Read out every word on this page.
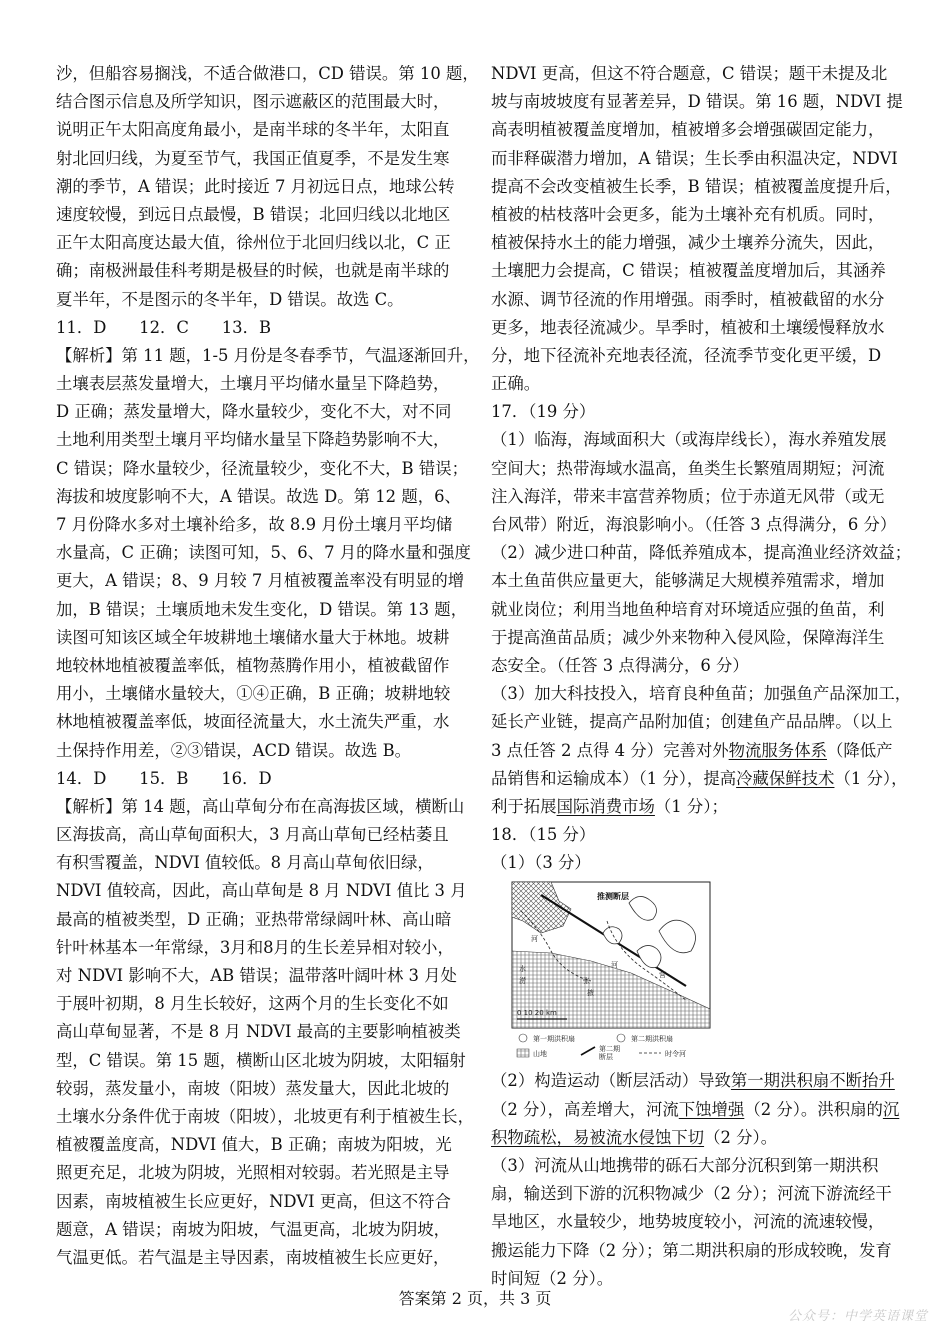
沙，但船容易搁浅，不适合做港口，CD 错误。第 10 题，
结合图示信息及所学知识，图示遮蔽区的范围最大时，
说明正午太阳高度角最小，是南半球的冬半年，太阳直
射北回归线，为夏至节气，我国正值夏季，不是发生寒
潮的季节，A 错误；此时接近 7 月初远日点，地球公转
速度较慢，到远日点最慢，B 错误；北回归线以北地区
正午太阳高度达最大值，徐州位于北回归线以北，C 正
确；南极洲最佳科考期是极昼的时候，也就是南半球的
夏半年，不是图示的冬半年，D 错误。故选 C。
11．D　　12．C　　13．B
【解析】第 11 题，1-5 月份是冬春季节，气温逐渐回升，
土壤表层蒸发量增大，土壤月平均储水量呈下降趋势，
D 正确；蒸发量增大，降水量较少，变化不大，对不同
土地利用类型土壤月平均储水量呈下降趋势影响不大，
C 错误；降水量较少，径流量较少，变化不大，B 错误；
海拔和坡度影响不大，A 错误。故选 D。第 12 题，6、
7 月份降水多对土壤补给多，故 8.9 月份土壤月平均储
水量高，C 正确；读图可知，5、6、7 月的降水量和强度
更大，A 错误；8、9 月较 7 月植被覆盖率没有明显的增
加，B 错误；土壤质地未发生变化，D 错误。第 13 题，
读图可知该区域全年坡耕地土壤储水量大于林地。坡耕
地较林地植被覆盖率低，植物蒸腾作用小，植被截留作
用小，土壤储水量较大，①④正确，B 正确；坡耕地较
林地植被覆盖率低，坡面径流量大，水土流失严重，水
土保持作用差，②③错误，ACD 错误。故选 B。
14．D　　15．B　　16．D
【解析】第 14 题，高山草甸分布在高海拔区域，横断山
区海拔高，高山草甸面积大，3 月高山草甸已经枯萎且
有积雪覆盖，NDVI 值较低。8 月高山草甸依旧绿，
NDVI 值较高，因此，高山草甸是 8 月 NDVI 值比 3 月
最高的植被类型，D 正确；亚热带常绿阔叶林、高山暗
针叶林基本一年常绿，3月和8月的生长差异相对较小，
对 NDVI 影响不大，AB 错误；温带落叶阔叶林 3 月处
于展叶初期，8 月生长较好，这两个月的生长变化不如
高山草甸显著，不是 8 月 NDVI 最高的主要影响植被类
型，C 错误。第 15 题，横断山区北坡为阴坡，太阳辐射
较弱，蒸发量小，南坡（阳坡）蒸发量大，因此北坡的
土壤水分条件优于南坡（阳坡），北坡更有利于植被生长，
植被覆盖度高，NDVI 值大，B 正确；南坡为阳坡，光
照更充足，北坡为阴坡，光照相对较弱。若光照是主导
因素，南坡植被生长应更好，NDVI 更高，但这不符合
题意，A 错误；南坡为阳坡，气温更高，北坡为阴坡，
气温更低。若气温是主导因素，南坡植被生长应更好，
NDVI 更高，但这不符合题意，C 错误；题干未提及北
坡与南坡坡度有显著差异，D 错误。第 16 题，NDVI 提
高表明植被覆盖度增加，植被增多会增强碳固定能力，
而非释碳潜力增加，A 错误；生长季由积温决定，NDVI
提高不会改变植被生长季，B 错误；植被覆盖度提升后，
植被的枯枝落叶会更多，能为土壤补充有机质。同时，
植被保持水土的能力增强，减少土壤养分流失，因此，
土壤肥力会提高，C 错误；植被覆盖度增加后，其涵养
水源、调节径流的作用增强。雨季时，植被截留的水分
更多，地表径流减少。旱季时，植被和土壤缓慢释放水
分，地下径流补充地表径流，径流季节变化更平缓，D
正确。
17．（19 分）
（1）临海，海域面积大（或海岸线长），海水养殖发展
空间大；热带海域水温高，鱼类生长繁殖周期短；河流
注入海洋，带来丰富营养物质；位于赤道无风带（或无
台风带）附近，海浪影响小。（任答 3 点得满分，6 分）
（2）减少进口种苗，降低养殖成本，提高渔业经济效益；
本土鱼苗供应量更大，能够满足大规模养殖需求，增加
就业岗位；利用当地鱼种培育对环境适应强的鱼苗，利
于提高渔苗品质；减少外来物种入侵风险，保障海洋生
态安全。（任答 3 点得满分，6 分）
（3）加大科技投入，培育良种鱼苗；加强鱼产品深加工，
延长产业链，提高产品附加值；创建鱼产品品牌。（以上
3 点任答 2 点得 4 分）完善对外物流服务体系（降低产
品销售和运输成本）（1 分），提高冷藏保鲜技术（1 分），
利于拓展国际消费市场（1 分）；
18．（15 分）
（1）（3 分）
推测断层
河
水
涝	张
掖
河
营
0 10 20 km
第一期洪积扇	第二期洪积扇
山地
第二期
断层	时令河
（2）构造运动（断层活动）导致第一期洪积扇不断抬升
（2 分），高差增大，河流下蚀增强（2 分）。洪积扇的沉
积物疏松，易被流水侵蚀下切（2 分）。
（3）河流从山地携带的砾石大部分沉积到第一期洪积
扇，输送到下游的沉积物减少（2 分）；河流下游流经干
旱地区，水量较少，地势坡度较小，河流的流速较慢，
搬运能力下降（2 分）；第二期洪积扇的形成较晚，发育
时间短（2 分）。
答案第 2 页，共 3 页
公众号：中学英语课堂
